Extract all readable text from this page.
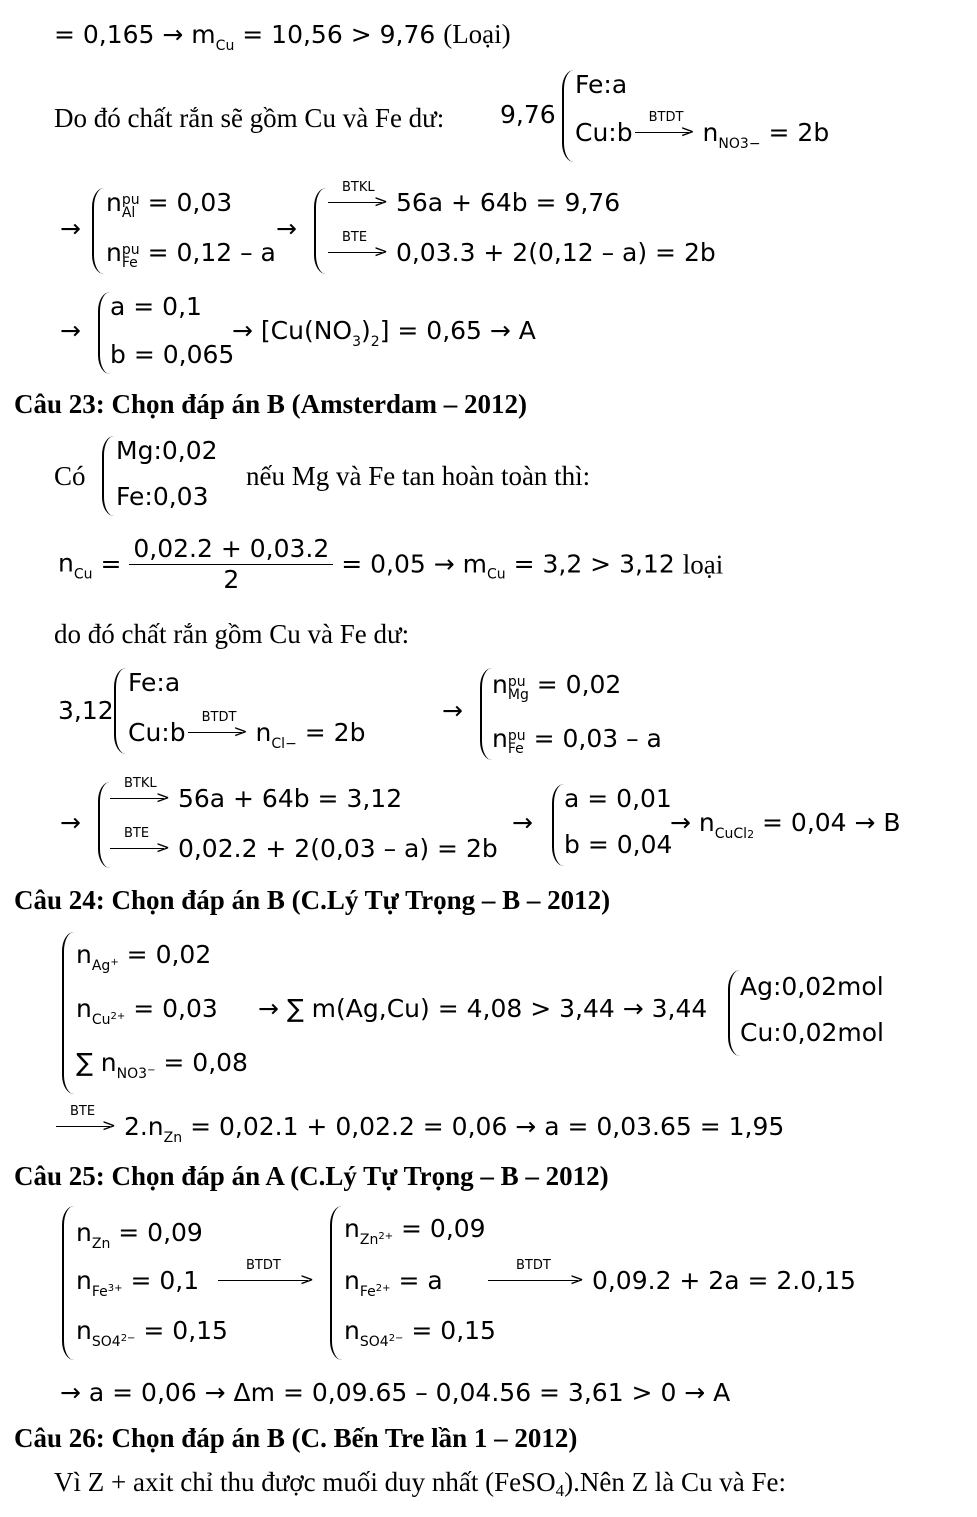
= $0,165 \to m_{Cu} = 10,56 > 9,76$ (Loại)
Do đó chất rắn sẽ gồm Cu và Fe dư: 9,76
Fe:a
Cu:b
BTDT
> $n_{NO3-} = 2b$
→
n pu
Al = 0,03
n pu
Fe = 0,12 – a
→
BTKL
> 56a + 64b = 9,76
BTE
> 0,03.3 + 2(0,12 – a) = 2b
→
a = 0,1
b = 0,065
→ $[Cu(NO_3)_2] = 0,65 \to A$
Câu 23: Chọn đáp án B (Amsterdam – 2012)
Có
Mg:0,02
Fe:0,03
nếu Mg và Fe tan hoàn toàn thì:
$n_{Cu} = \frac{0,02.2 + 0,03.2}{2} = 0,05 \to m_{Cu} = 3,2 > 3,12$ loại
do đó chất rắn gồm Cu và Fe dư:
3,12
Fe:a
Cu:b
BTDT
> $n_{Cl-} = 2b$
→
n pu
Mg = 0,02
n pu
Fe = 0,03 – a
→
BTKL
> 56a + 64b = 3,12
BTE
> 0,02.2 + 2(0,03 – a) = 2b
→
a = 0,01
b = 0,04
→ $n_{CuCl2} = 0,04 \to B$
Câu 24: Chọn đáp án B (C.Lý Tự Trọng – B – 2012)
$n_{Ag^+} = 0,02$
$n_{Cu^{2+}} = 0,03$
∑ $n_{NO3^-} = 0,08$
→ ∑ m(Ag,Cu) = 4,08 > 3,44 → 3,44
Ag:0,02mol
Cu:0,02mol
BTE
> $2.n_{Zn} = 0,02.1 + 0,02.2 = 0,06 \to a = 0,03.65 = 1,95$
Câu 25: Chọn đáp án A (C.Lý Tự Trọng – B – 2012)
$n_{Zn} = 0,09$
$n_{Fe^{3+}} = 0,1$
$n_{SO4^{2-}} = 0,15$
BTDT
>
$n_{Zn^{2+}} = 0,09$
$n_{Fe^{2+}} = a$
$n_{SO4^{2-}} = 0,15$
BTDT
> 0,09.2 + 2a = 2.0,15
→ a = 0,06 → Δm = 0,09.65 – 0,04.56 = 3,61 > 0 → A
Câu 26: Chọn đáp án B (C. Bến Tre lần 1 – 2012)
Vì Z + axit chỉ thu được muối duy nhất (FeSO4).Nên Z là Cu và Fe:
